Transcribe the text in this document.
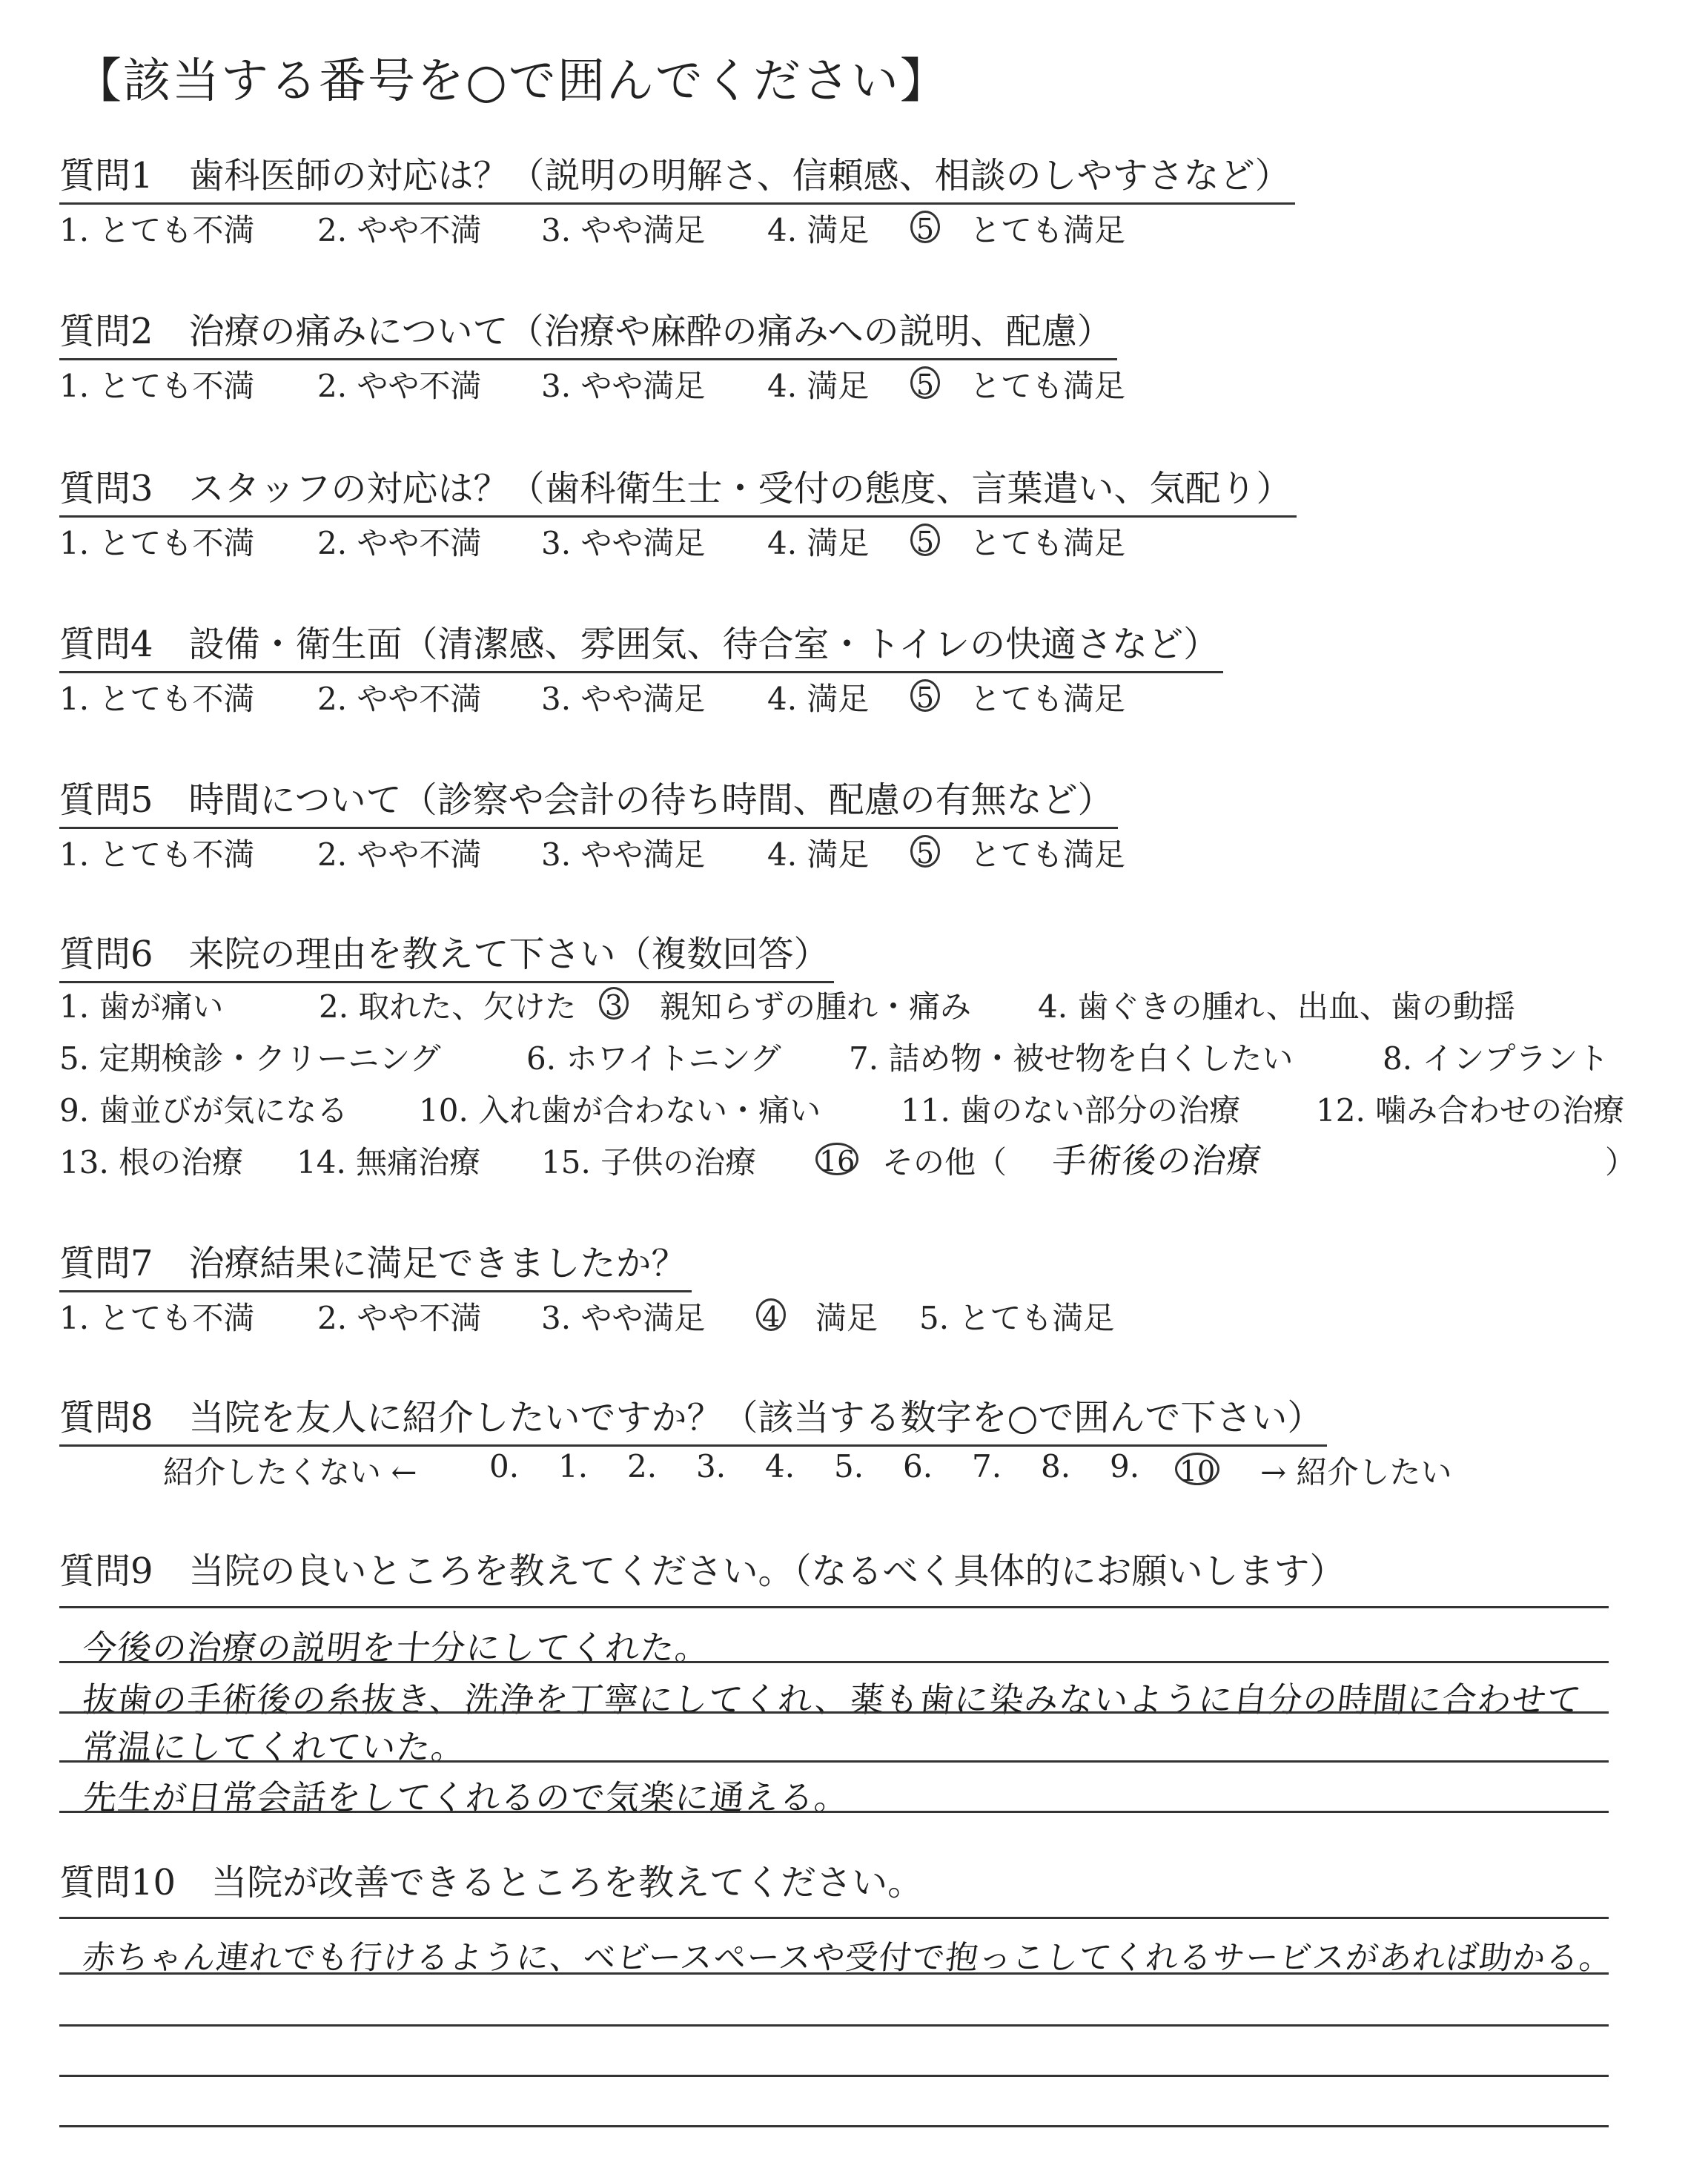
【該当する番号を○で囲んでください】
質問1　歯科医師の対応は？（説明の明解さ、信頼感、相談のしやすさなど）
1. とても不満 2. やや不満 3. やや満足 4. 満足 5 とても満足
質問2　治療の痛みについて（治療や麻酔の痛みへの説明、配慮）
1. とても不満 2. やや不満 3. やや満足 4. 満足 5 とても満足
質問3　スタッフの対応は？（歯科衛生士・受付の態度、言葉遣い、気配り）
1. とても不満 2. やや不満 3. やや満足 4. 満足 5 とても満足
質問4　設備・衛生面（清潔感、雰囲気、待合室・トイレの快適さなど）
1. とても不満 2. やや不満 3. やや満足 4. 満足 5 とても満足
質問5　時間について（診察や会計の待ち時間、配慮の有無など）
1. とても不満 2. やや不満 3. やや満足 4. 満足 5 とても満足
質問6　来院の理由を教えて下さい（複数回答）
1. 歯が痛い	2. 取れた、欠けた 3 親知らずの腫れ・痛み 4. 歯ぐきの腫れ、出血、歯の動揺
5. 定期検診・クリーニング	6. ホワイトニング 7. 詰め物・被せ物を白くしたい	8. インプラント
9. 歯並びが気になる 10. 入れ歯が合わない・痛い	11. 歯のない部分の治療 12. 噛み合わせの治療
13. 根の治療 14. 無痛治療 15. 子供の治療 16 その他（ 手術後の治療	）
質問7　治療結果に満足できましたか？
1. とても不満 2. やや不満 3. やや満足 4 満足 5. とても満足
質問8　当院を友人に紹介したいですか？（該当する数字を○で囲んで下さい）
紹介したくない ← 0. 1. 2. 3. 4. 5. 6. 7. 8. 9. 10 → 紹介したい
質問9　当院の良いところを教えてください。（なるべく具体的にお願いします）
今後の治療の説明を十分にしてくれた。
抜歯の手術後の糸抜き、洗浄を丁寧にしてくれ、薬も歯に染みないように自分の時間に合わせて
常温にしてくれていた。
先生が日常会話をしてくれるので気楽に通える。
質問10　当院が改善できるところを教えてください。
赤ちゃん連れでも行けるように、ベビースペースや受付で抱っこしてくれるサービスがあれば助かる。
